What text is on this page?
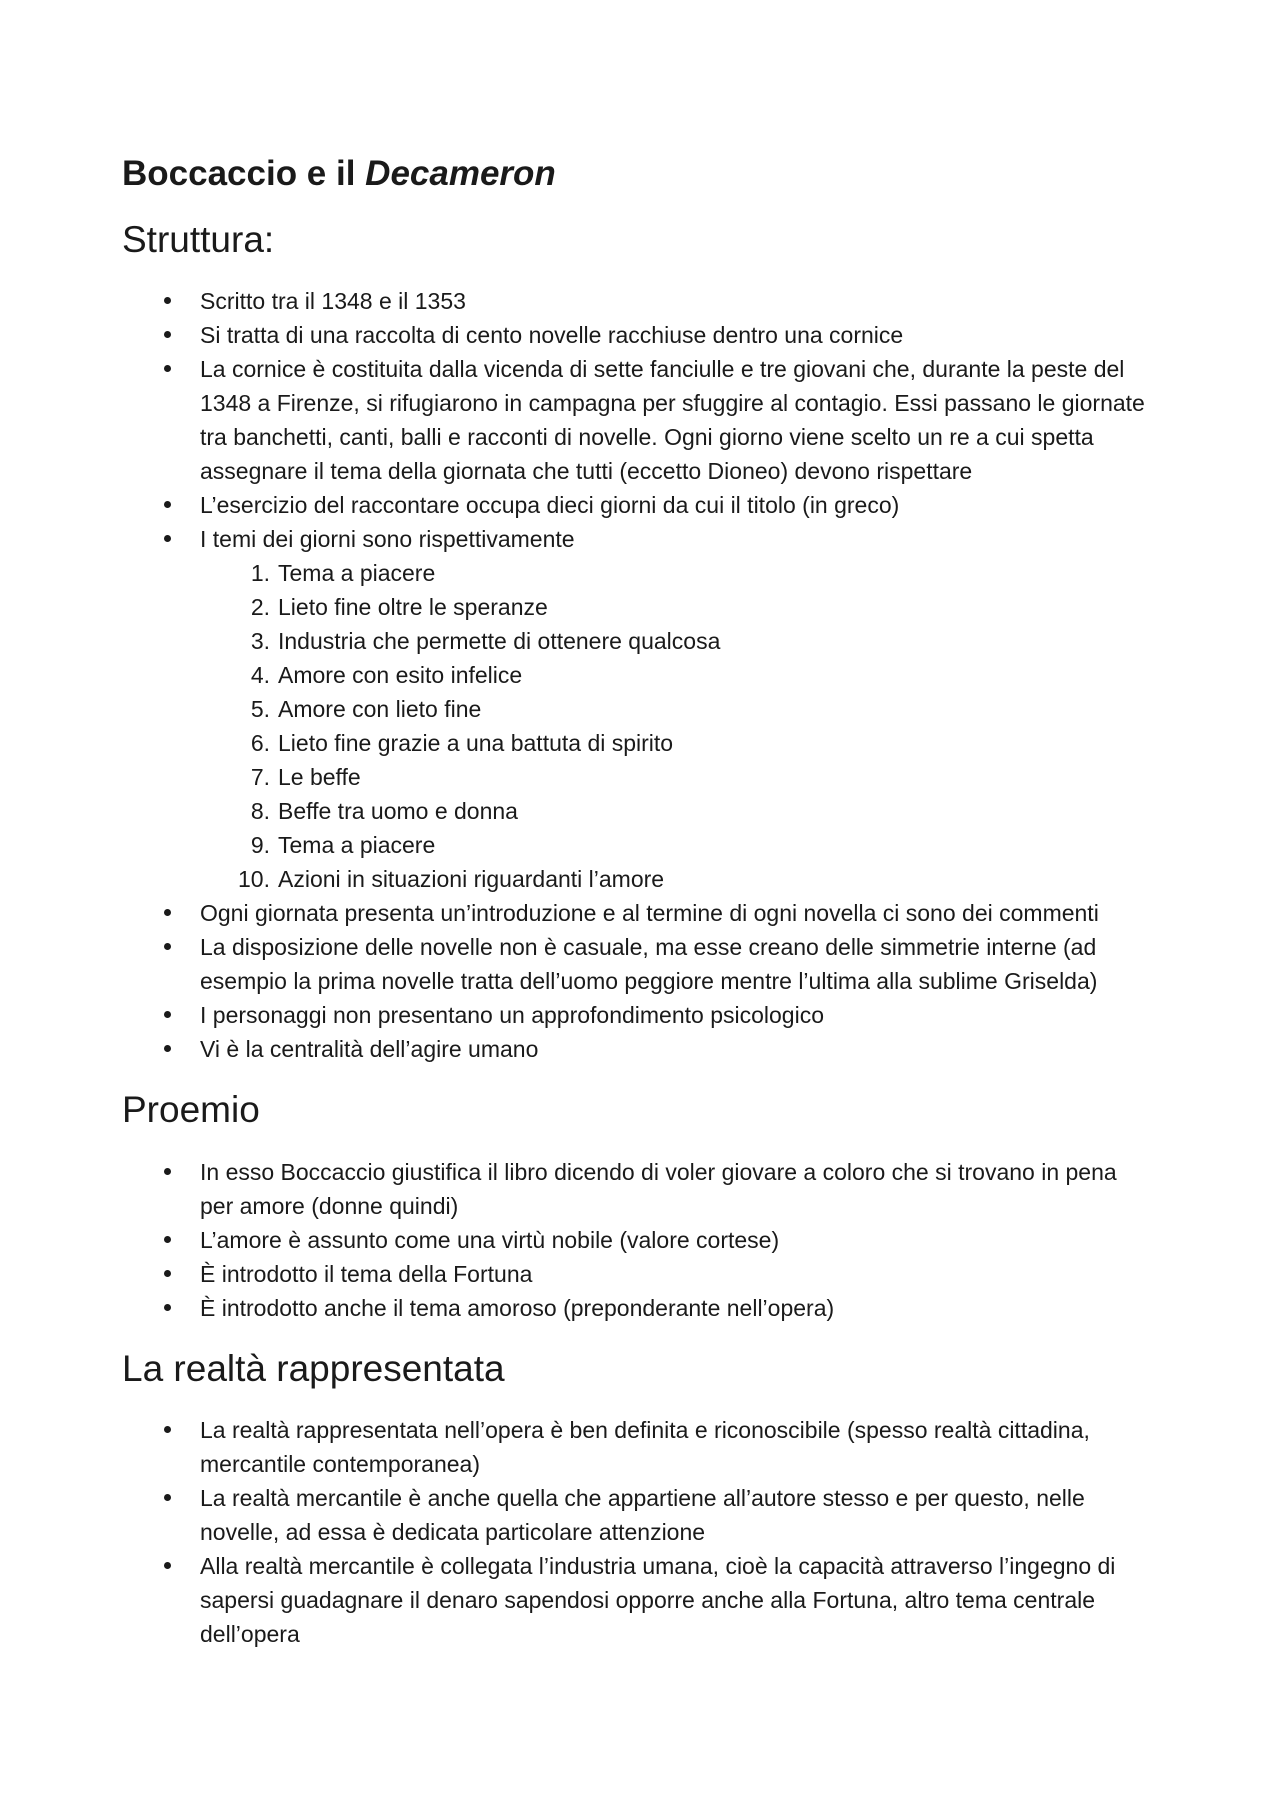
Boccaccio e il Decameron
Struttura:
Scritto tra il 1348 e il 1353
Si tratta di una raccolta di cento novelle racchiuse dentro una cornice
La cornice è costituita dalla vicenda di sette fanciulle e tre giovani che, durante la peste del 1348 a Firenze, si rifugiarono in campagna per sfuggire al contagio. Essi passano le giornate tra banchetti, canti, balli e racconti di novelle. Ogni giorno viene scelto un re a cui spetta assegnare il tema della giornata che tutti (eccetto Dioneo) devono rispettare
L’esercizio del raccontare occupa dieci giorni da cui il titolo (in greco)
I temi dei giorni sono rispettivamente
1. Tema a piacere
2. Lieto fine oltre le speranze
3. Industria che permette di ottenere qualcosa
4. Amore con esito infelice
5. Amore con lieto fine
6. Lieto fine grazie a una battuta di spirito
7. Le beffe
8. Beffe tra uomo e donna
9. Tema a piacere
10. Azioni in situazioni riguardanti l’amore
Ogni giornata presenta un’introduzione e al termine di ogni novella ci sono dei commenti
La disposizione delle novelle non è casuale, ma esse creano delle simmetrie interne (ad esempio la prima novelle tratta dell’uomo peggiore mentre l’ultima alla sublime Griselda)
I personaggi non presentano un approfondimento psicologico
Vi è la centralità dell’agire umano
Proemio
In esso Boccaccio giustifica il libro dicendo di voler giovare a coloro che si trovano in pena per amore (donne quindi)
L’amore è assunto come una virtù nobile (valore cortese)
È introdotto il tema della Fortuna
È introdotto anche il tema amoroso (preponderante nell’opera)
La realtà rappresentata
La realtà rappresentata nell’opera è ben definita e riconoscibile (spesso realtà cittadina, mercantile contemporanea)
La realtà mercantile è anche quella che appartiene all’autore stesso e per questo, nelle novelle, ad essa è dedicata particolare attenzione
Alla realtà mercantile è collegata l’industria umana, cioè la capacità attraverso l’ingegno di sapersi guadagnare il denaro sapendosi opporre anche alla Fortuna, altro tema centrale dell’opera
